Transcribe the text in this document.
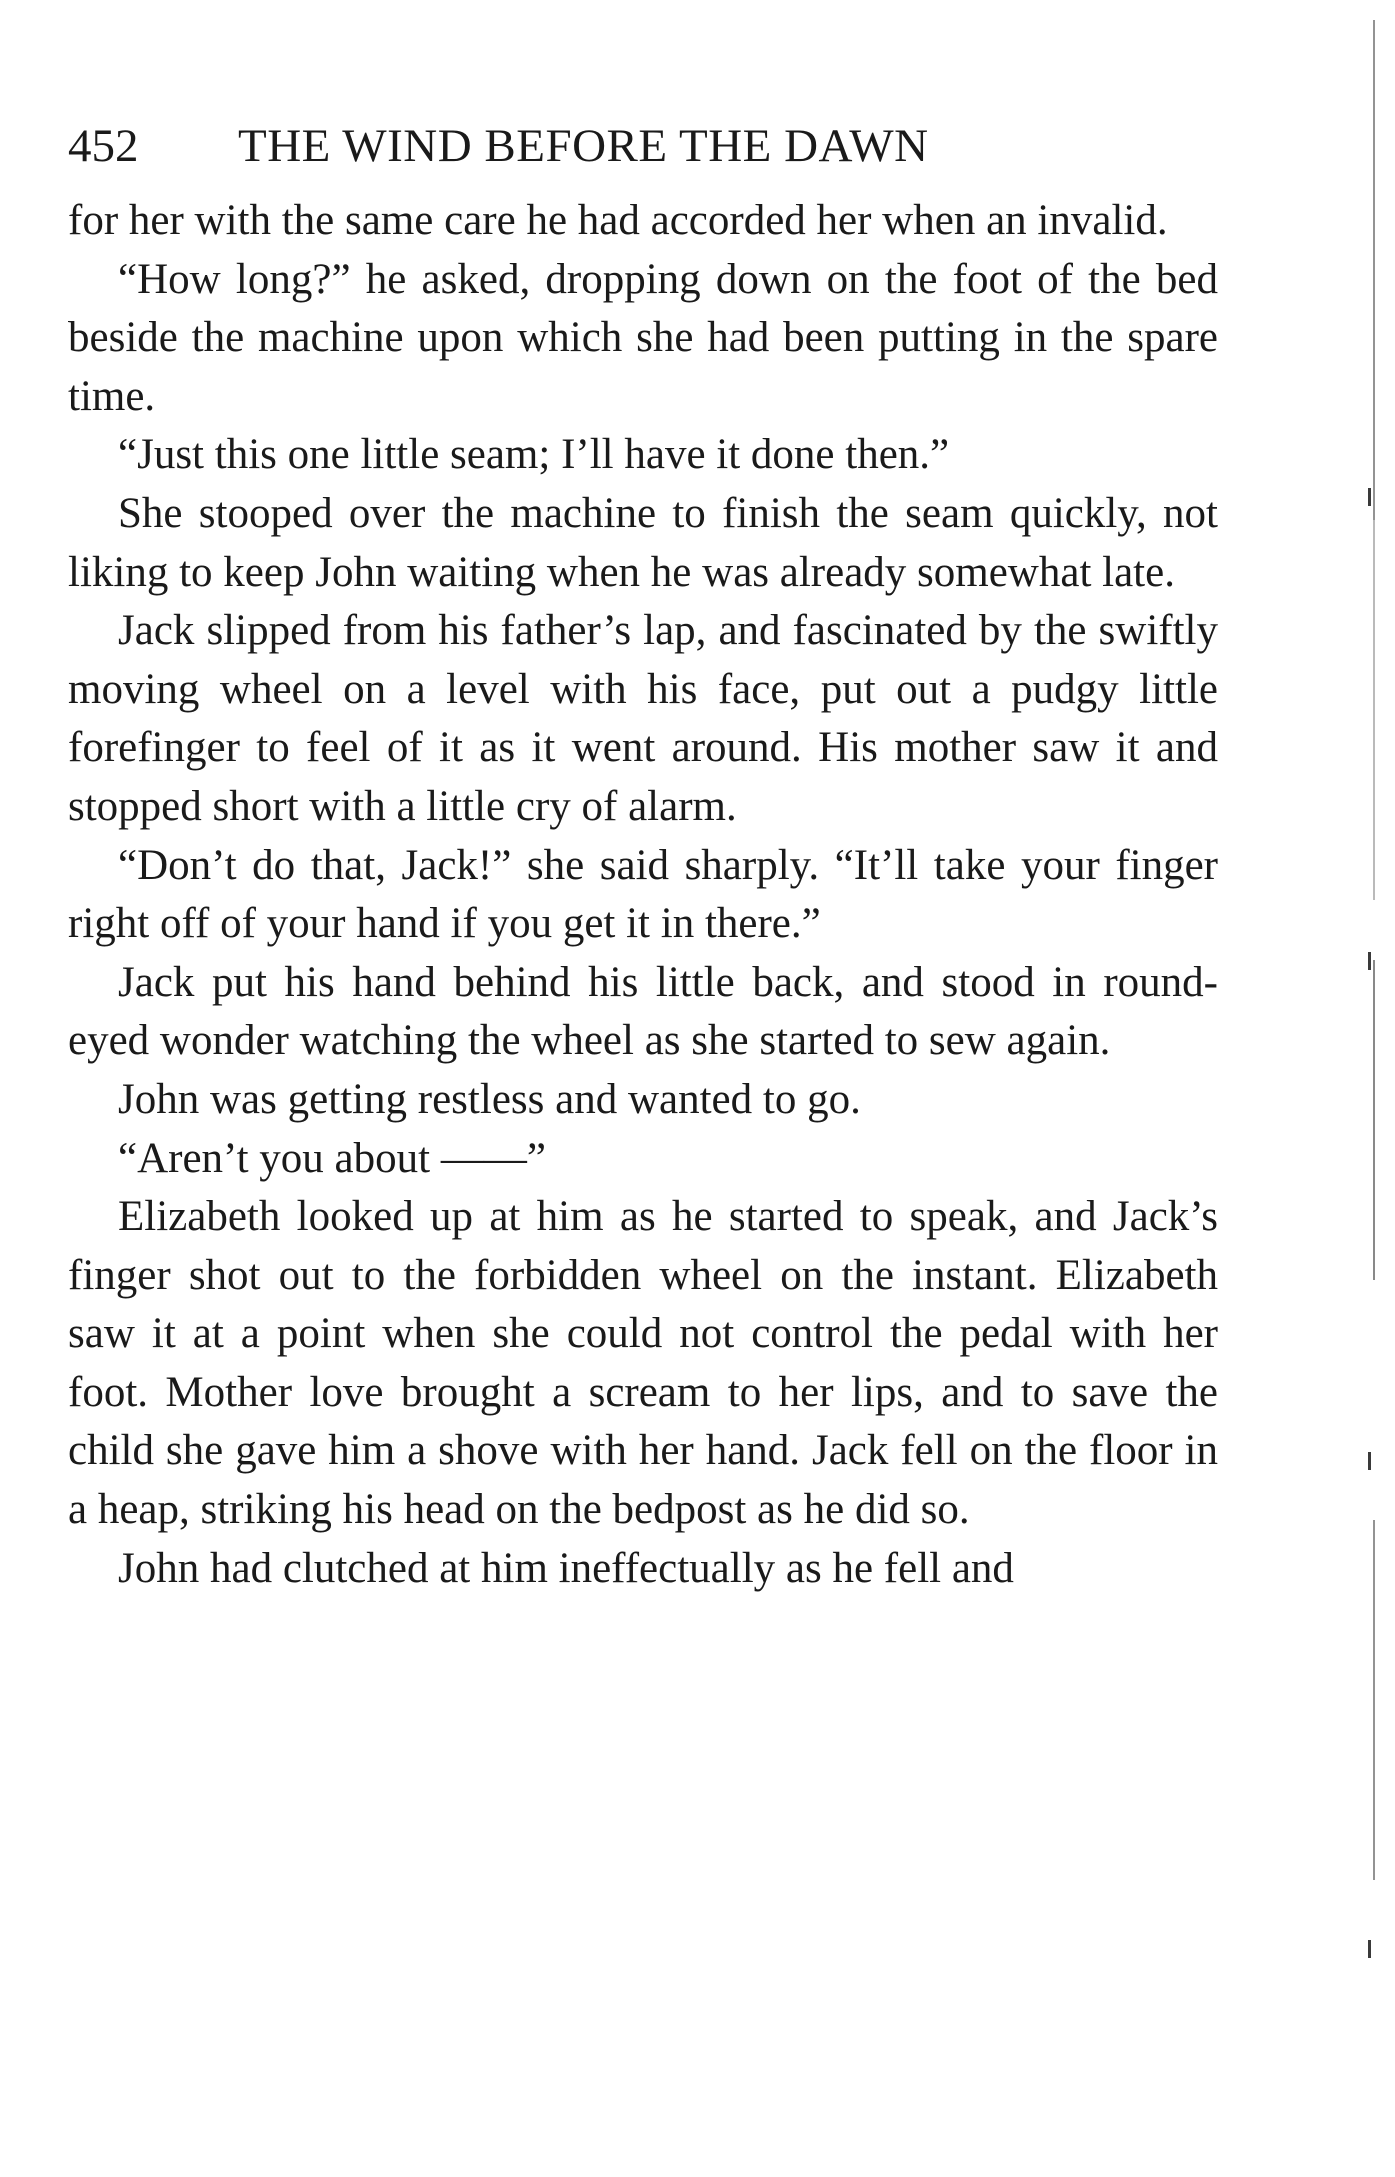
452 THE WIND BEFORE THE DAWN

for her with the same care he had accorded her when an invalid.

“How long?” he asked, dropping down on the foot of the bed beside the machine upon which she had been putting in the spare time.

“Just this one little seam; I’ll have it done then.”

She stooped over the machine to finish the seam quickly, not liking to keep John waiting when he was already somewhat late.

Jack slipped from his father’s lap, and fascinated by the swiftly moving wheel on a level with his face, put out a pudgy little forefinger to feel of it as it went around. His mother saw it and stopped short with a little cry of alarm.

“Don’t do that, Jack!” she said sharply. “It’ll take your finger right off of your hand if you get it in there.”

Jack put his hand behind his little back, and stood in round-eyed wonder watching the wheel as she started to sew again.

John was getting restless and wanted to go.

“Aren’t you about ——”

Elizabeth looked up at him as he started to speak, and Jack’s finger shot out to the forbidden wheel on the instant. Elizabeth saw it at a point when she could not control the pedal with her foot. Mother love brought a scream to her lips, and to save the child she gave him a shove with her hand. Jack fell on the floor in a heap, striking his head on the bedpost as he did so.

John had clutched at him ineffectually as he fell and
